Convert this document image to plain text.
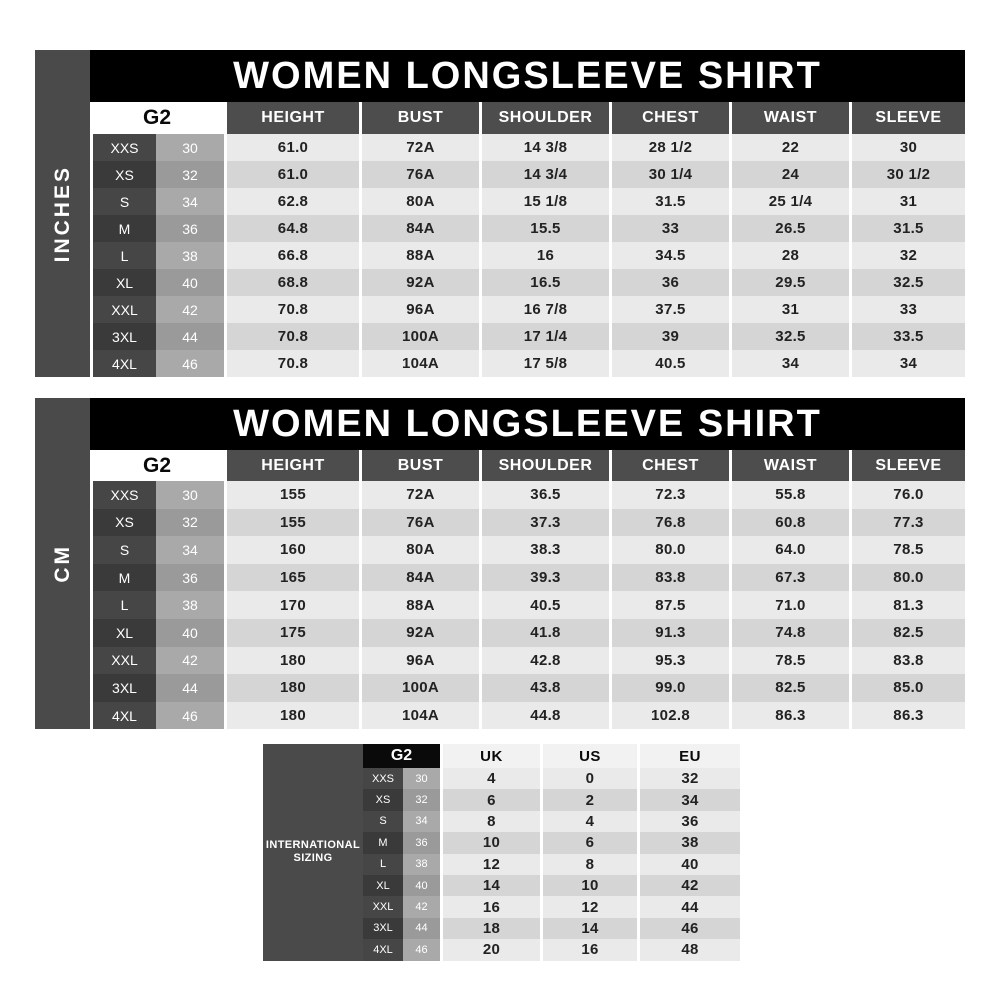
INCHES
WOMEN LONGSLEEVE SHIRT
G2	HEIGHT	BUST	SHOULDER	CHEST	WAIST	SLEEVE
XXS	30	61.0	72A	14 3/8	28 1/2	22	30
XS	32	61.0	76A	14 3/4	30 1/4	24	30 1/2
S	34	62.8	80A	15 1/8	31.5	25 1/4	31
M	36	64.8	84A	15.5	33	26.5	31.5
L	38	66.8	88A	16	34.5	28	32
XL	40	68.8	92A	16.5	36	29.5	32.5
XXL	42	70.8	96A	16 7/8	37.5	31	33
3XL	44	70.8	100A	17 1/4	39	32.5	33.5
4XL	46	70.8	104A	17 5/8	40.5	34	34
CM
WOMEN LONGSLEEVE SHIRT
G2	HEIGHT	BUST	SHOULDER	CHEST	WAIST	SLEEVE
XXS	30	155	72A	36.5	72.3	55.8	76.0
XS	32	155	76A	37.3	76.8	60.8	77.3
S	34	160	80A	38.3	80.0	64.0	78.5
M	36	165	84A	39.3	83.8	67.3	80.0
L	38	170	88A	40.5	87.5	71.0	81.3
XL	40	175	92A	41.8	91.3	74.8	82.5
XXL	42	180	96A	42.8	95.3	78.5	83.8
3XL	44	180	100A	43.8	99.0	82.5	85.0
4XL	46	180	104A	44.8	102.8	86.3	86.3
INTERNATIONAL
SIZING
G2	UK	US	EU
XXS	30	4	0	32
XS	32	6	2	34
S	34	8	4	36
M	36	10	6	38
L	38	12	8	40
XL	40	14	10	42
XXL	42	16	12	44
3XL	44	18	14	46
4XL	46	20	16	48
